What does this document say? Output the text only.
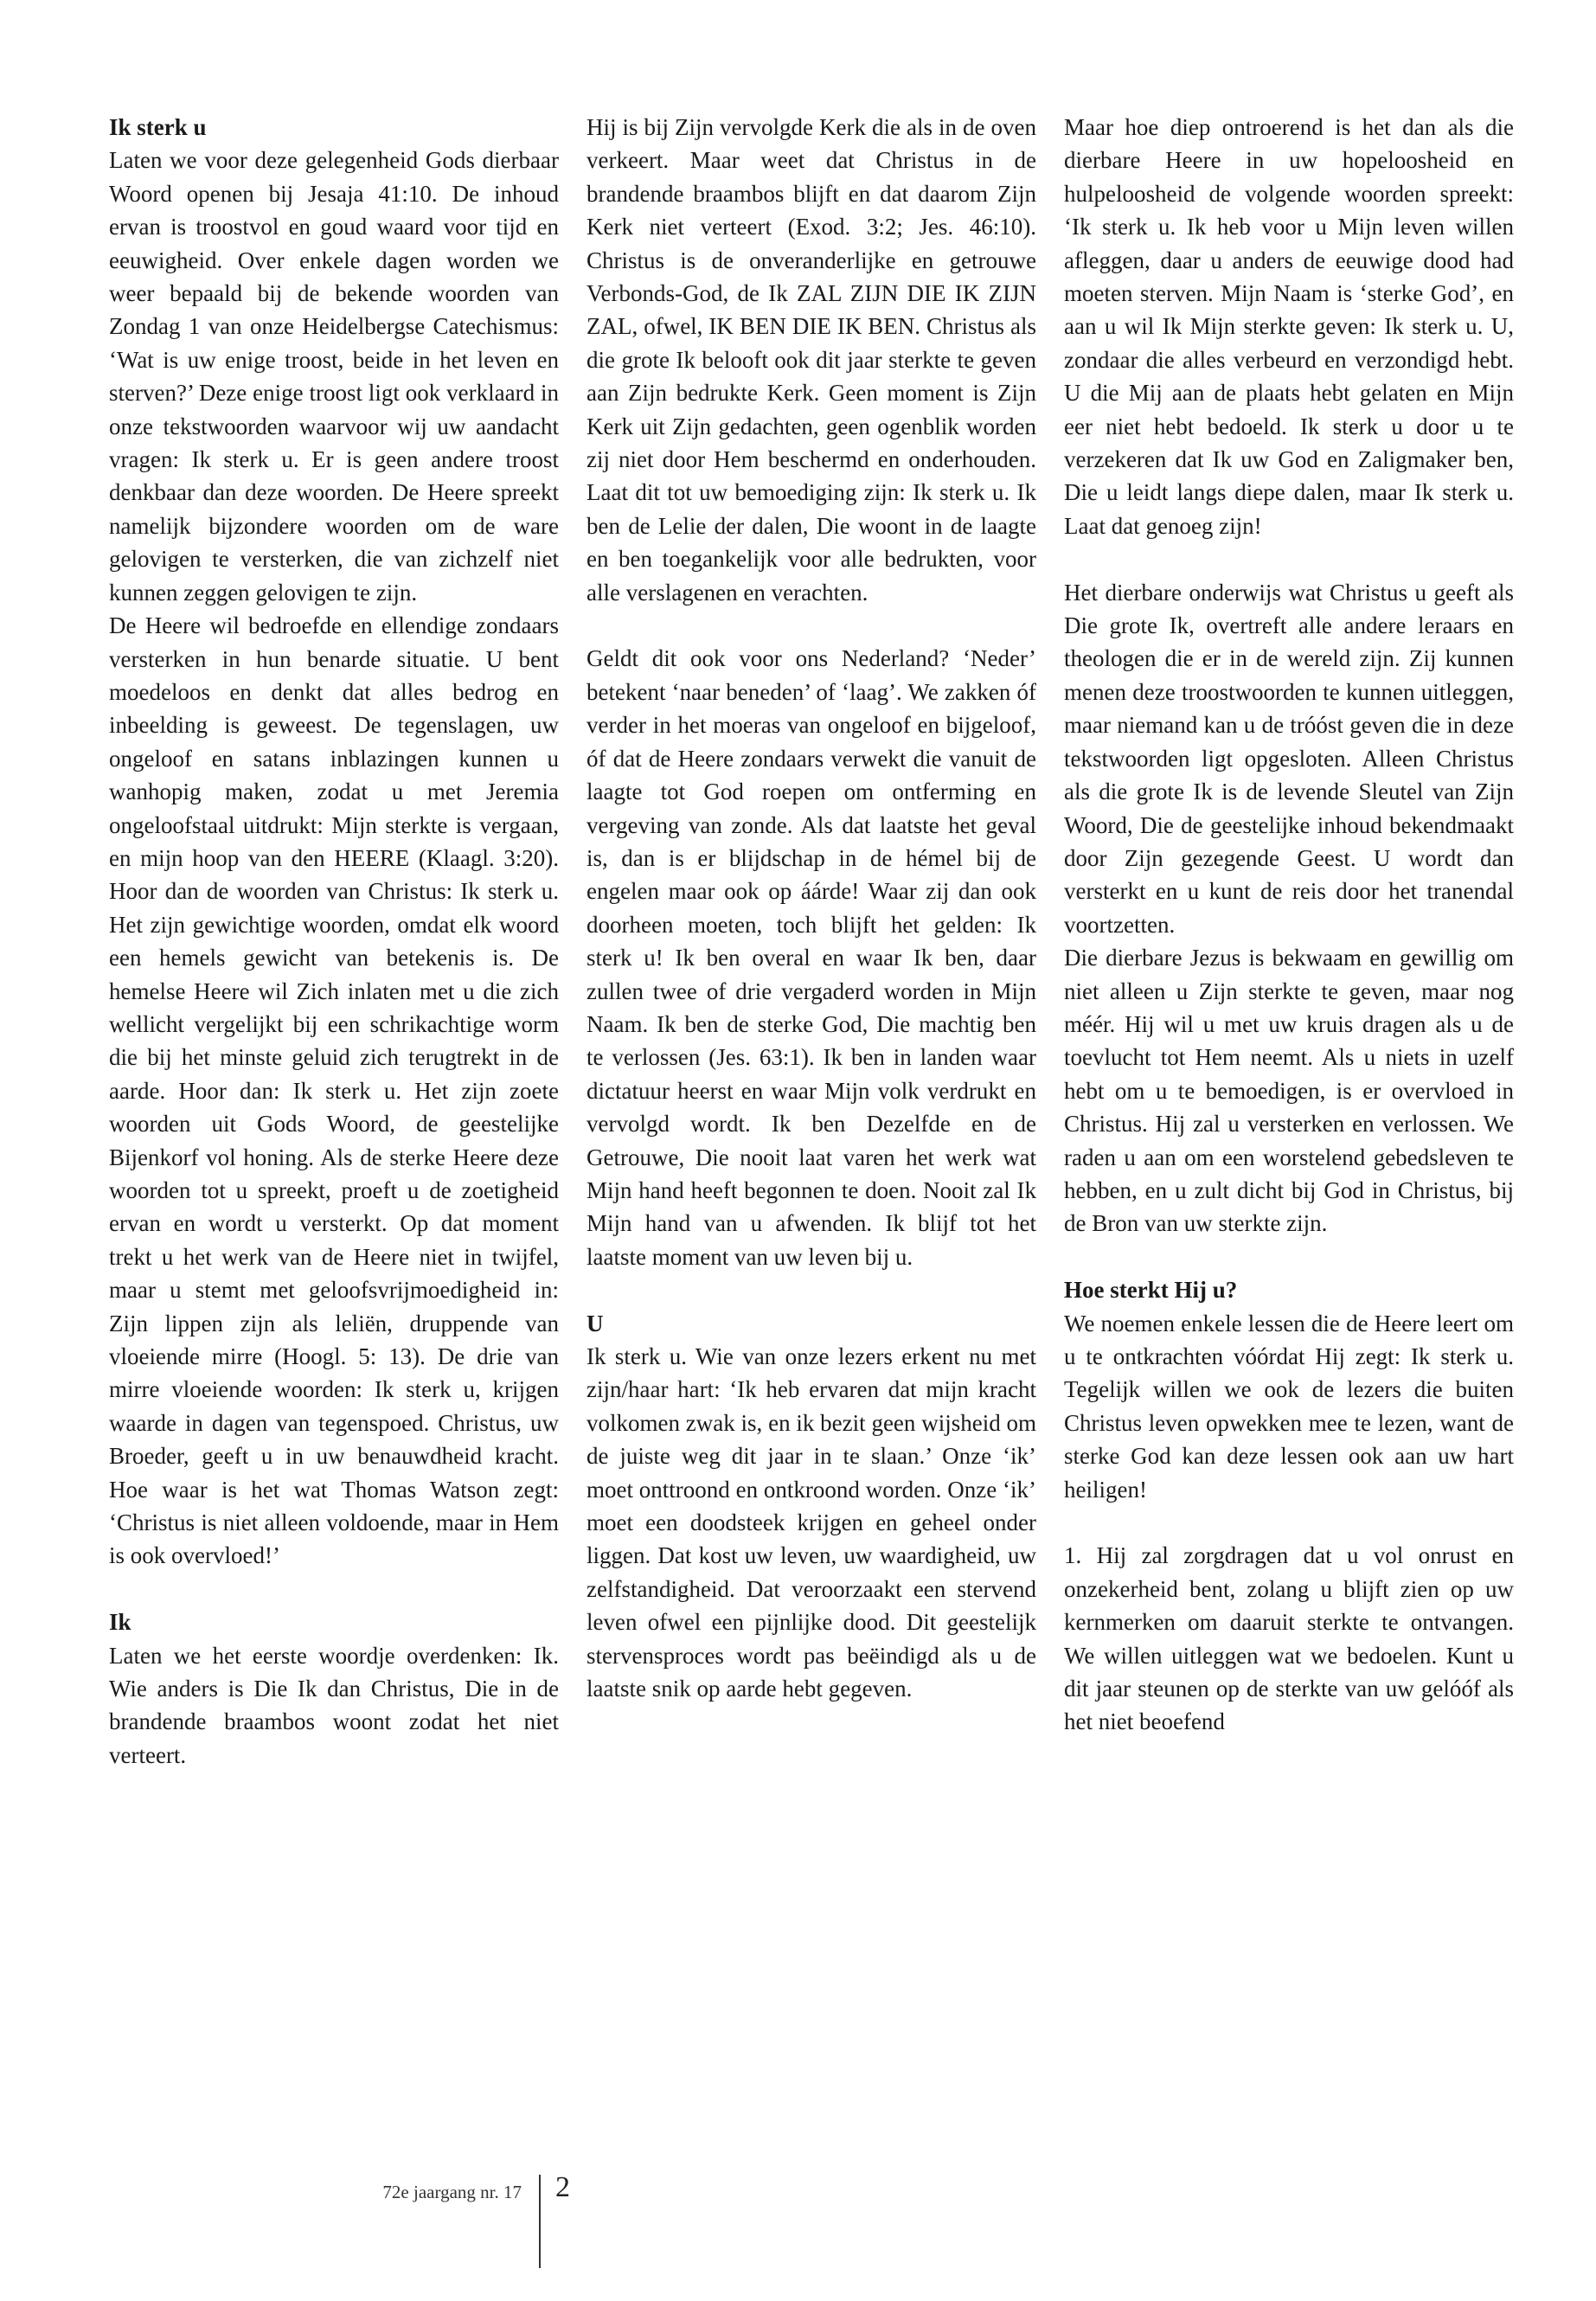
Ik sterk u

Laten we voor deze gelegenheid Gods dierbaar Woord openen bij Jesaja 41:10. De inhoud ervan is troostvol en goud waard voor tijd en eeuwigheid. Over enkele dagen worden we weer bepaald bij de bekende woorden van Zondag 1 van onze Heidelbergse Catechismus: ‘Wat is uw enige troost, beide in het leven en sterven?’ Deze enige troost ligt ook verklaard in onze tekstwoorden waarvoor wij uw aandacht vragen: Ik sterk u. Er is geen andere troost denkbaar dan deze woorden. De Heere spreekt namelijk bijzondere woorden om de ware gelovigen te versterken, die van zichzelf niet kunnen zeggen gelovigen te zijn.

De Heere wil bedroefde en ellendige zondaars versterken in hun benarde situatie. U bent moedeloos en denkt dat alles bedrog en inbeelding is geweest. De tegenslagen, uw ongeloof en satans inblazingen kunnen u wanhopig maken, zodat u met Jeremia ongeloofstaal uitdrukt: Mijn sterkte is vergaan, en mijn hoop van den HEERE (Klaagl. 3:20). Hoor dan de woorden van Christus: Ik sterk u. Het zijn gewichtige woorden, omdat elk woord een hemels gewicht van betekenis is. De hemelse Heere wil Zich inlaten met u die zich wellicht vergelijkt bij een schrikachtige worm die bij het minste geluid zich terugtrekt in de aarde. Hoor dan: Ik sterk u. Het zijn zoete woorden uit Gods Woord, de geestelijke Bijenkorf vol honing. Als de sterke Heere deze woorden tot u spreekt, proeft u de zoetigheid ervan en wordt u versterkt. Op dat moment trekt u het werk van de Heere niet in twijfel, maar u stemt met geloofsvrijmoedigheid in: Zijn lippen zijn als leliën, druppende van vloeiende mirre (Hoogl. 5: 13). De drie van mirre vloeiende woorden: Ik sterk u, krijgen waarde in dagen van tegenspoed. Christus, uw Broeder, geeft u in uw benauwdheid kracht. Hoe waar is het wat Thomas Watson zegt: ‘Christus is niet alleen voldoende, maar in Hem is ook overvloed!’

Ik

Laten we het eerste woordje overdenken: Ik. Wie anders is Die Ik dan Christus, Die in de brandende braambos woont zodat het niet verteert.

Hij is bij Zijn vervolgde Kerk die als in de oven verkeert. Maar weet dat Christus in de brandende braambos blijft en dat daarom Zijn Kerk niet verteert (Exod. 3:2; Jes. 46:10). Christus is de onveranderlijke en getrouwe Verbonds-God, de Ik ZAL ZIJN DIE IK ZIJN ZAL, ofwel, IK BEN DIE IK BEN. Christus als die grote Ik belooft ook dit jaar sterkte te geven aan Zijn bedrukte Kerk. Geen moment is Zijn Kerk uit Zijn gedachten, geen ogenblik worden zij niet door Hem beschermd en onderhouden. Laat dit tot uw bemoediging zijn: Ik sterk u. Ik ben de Lelie der dalen, Die woont in de laagte en ben toegankelijk voor alle bedrukten, voor alle verslagenen en verachten.

Geldt dit ook voor ons Nederland? ‘Neder’ betekent ‘naar beneden’ of ‘laag’. We zakken óf verder in het moeras van ongeloof en bijgeloof, óf dat de Heere zondaars verwekt die vanuit de laagte tot God roepen om ontferming en vergeving van zonde. Als dat laatste het geval is, dan is er blijdschap in de hémel bij de engelen maar ook op áárde! Waar zij dan ook doorheen moeten, toch blijft het gelden: Ik sterk u! Ik ben overal en waar Ik ben, daar zullen twee of drie vergaderd worden in Mijn Naam. Ik ben de sterke God, Die machtig ben te verlossen (Jes. 63:1). Ik ben in landen waar dictatuur heerst en waar Mijn volk verdrukt en vervolgd wordt. Ik ben Dezelfde en de Getrouwe, Die nooit laat varen het werk wat Mijn hand heeft begonnen te doen. Nooit zal Ik Mijn hand van u afwenden. Ik blijf tot het laatste moment van uw leven bij u.

U

Ik sterk u. Wie van onze lezers erkent nu met zijn/haar hart: ‘Ik heb ervaren dat mijn kracht volkomen zwak is, en ik bezit geen wijsheid om de juiste weg dit jaar in te slaan.’ Onze ‘ik’ moet onttroond en ontkroond worden. Onze ‘ik’ moet een doodsteek krijgen en geheel onder liggen. Dat kost uw leven, uw waardigheid, uw zelfstandigheid. Dat veroorzaakt een stervend leven ofwel een pijnlijke dood. Dit geestelijk stervensproces wordt pas beëindigd als u de laatste snik op aarde hebt gegeven.

Maar hoe diep ontroerend is het dan als die dierbare Heere in uw hopeloosheid en hulpeloosheid de volgende woorden spreekt: ‘Ik sterk u. Ik heb voor u Mijn leven willen afleggen, daar u anders de eeuwige dood had moeten sterven. Mijn Naam is ‘sterke God’, en aan u wil Ik Mijn sterkte geven: Ik sterk u. U, zondaar die alles verbeurd en verzondigd hebt. U die Mij aan de plaats hebt gelaten en Mijn eer niet hebt bedoeld. Ik sterk u door u te verzekeren dat Ik uw God en Zaligmaker ben, Die u leidt langs diepe dalen, maar Ik sterk u. Laat dat genoeg zijn!

Het dierbare onderwijs wat Christus u geeft als Die grote Ik, overtreft alle andere leraars en theologen die er in de wereld zijn. Zij kunnen menen deze troostwoorden te kunnen uitleggen, maar niemand kan u de tróóst geven die in deze tekstwoorden ligt opgesloten. Alleen Christus als die grote Ik is de levende Sleutel van Zijn Woord, Die de geestelijke inhoud bekendmaakt door Zijn gezegende Geest. U wordt dan versterkt en u kunt de reis door het tranendal voortzetten.

Die dierbare Jezus is bekwaam en gewillig om niet alleen u Zijn sterkte te geven, maar nog méér. Hij wil u met uw kruis dragen als u de toevlucht tot Hem neemt. Als u niets in uzelf hebt om u te bemoedigen, is er overvloed in Christus. Hij zal u versterken en verlossen. We raden u aan om een worstelend gebedsleven te hebben, en u zult dicht bij God in Christus, bij de Bron van uw sterkte zijn.

Hoe sterkt Hij u?

We noemen enkele lessen die de Heere leert om u te ontkrachten vóórdat Hij zegt: Ik sterk u. Tegelijk willen we ook de lezers die buiten Christus leven opwekken mee te lezen, want de sterke God kan deze lessen ook aan uw hart heiligen!

1. Hij zal zorgdragen dat u vol onrust en onzekerheid bent, zolang u blijft zien op uw kernmerken om daaruit sterkte te ontvangen. We willen uitleggen wat we bedoelen. Kunt u dit jaar steunen op de sterkte van uw gelóóf als het niet beoefend

72e jaargang nr. 17 2
